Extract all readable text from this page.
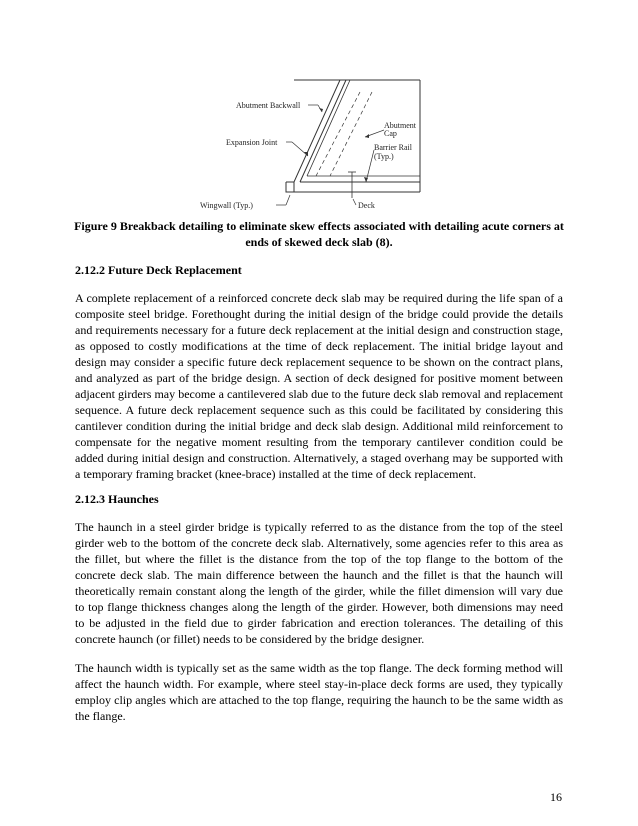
Abutment Backwall
Expansion Joint
Abutment
Cap
Barrier Rail
(Typ.)
Wingwall (Typ.)	Deck
Figure 9 Breakback detailing to eliminate skew effects associated with detailing acute corners at ends of skewed deck slab (8).
2.12.2 Future Deck Replacement
A complete replacement of a reinforced concrete deck slab may be required during the life span of a composite steel bridge. Forethought during the initial design of the bridge could provide the details and requirements necessary for a future deck replacement at the initial design and construction stage, as opposed to costly modifications at the time of deck replacement. The initial bridge layout and design may consider a specific future deck replacement sequence to be shown on the contract plans, and analyzed as part of the bridge design. A section of deck designed for positive moment between adjacent girders may become a cantilevered slab due to the future deck slab removal and replacement sequence. A future deck replacement sequence such as this could be facilitated by considering this cantilever condition during the initial bridge and deck slab design. Additional mild reinforcement to compensate for the negative moment resulting from the temporary cantilever condition could be added during initial design and construction. Alternatively, a staged overhang may be supported with a temporary framing bracket (knee-brace) installed at the time of deck replacement.
2.12.3 Haunches
The haunch in a steel girder bridge is typically referred to as the distance from the top of the steel girder web to the bottom of the concrete deck slab. Alternatively, some agencies refer to this area as the fillet, but where the fillet is the distance from the top of the top flange to the bottom of the concrete deck slab. The main difference between the haunch and the fillet is that the haunch will theoretically remain constant along the length of the girder, while the fillet dimension will vary due to top flange thickness changes along the length of the girder. However, both dimensions may need to be adjusted in the field due to girder fabrication and erection tolerances. The detailing of this concrete haunch (or fillet) needs to be considered by the bridge designer.
The haunch width is typically set as the same width as the top flange. The deck forming method will affect the haunch width. For example, where steel stay-in-place deck forms are used, they typically employ clip angles which are attached to the top flange, requiring the haunch to be the same width as the flange.
16
